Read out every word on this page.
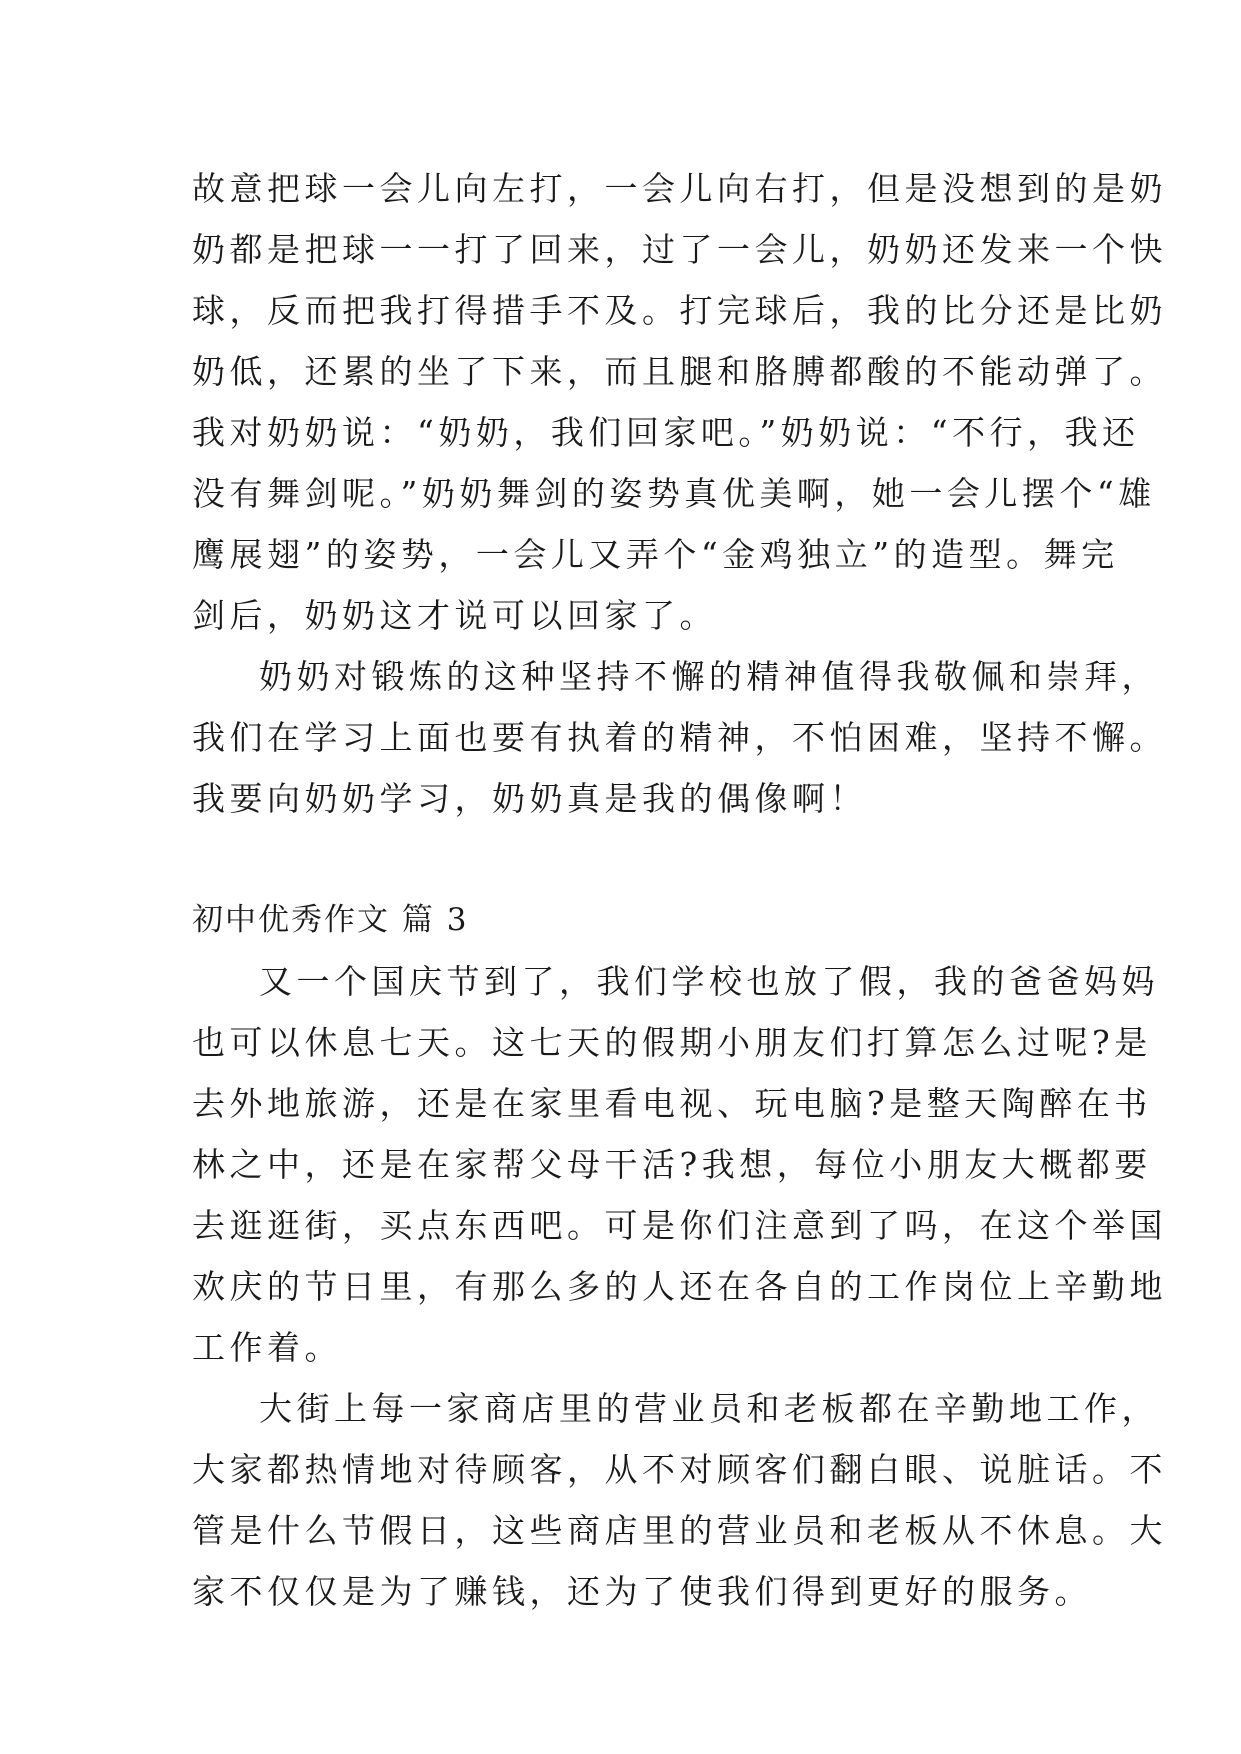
故意把球一会儿向左打，一会儿向右打，但是没想到的是奶
奶都是把球一一打了回来，过了一会儿，奶奶还发来一个快
球，反而把我打得措手不及。打完球后，我的比分还是比奶
奶低，还累的坐了下来，而且腿和胳膊都酸的不能动弹了。
我对奶奶说：“奶奶，我们回家吧。”奶奶说：“不行，我还
没有舞剑呢。”奶奶舞剑的姿势真优美啊，她一会儿摆个“雄
鹰展翅”的姿势，一会儿又弄个“金鸡独立”的造型。舞完
剑后，奶奶这才说可以回家了。
奶奶对锻炼的这种坚持不懈的精神值得我敬佩和崇拜，
我们在学习上面也要有执着的精神，不怕困难，坚持不懈。
我要向奶奶学习，奶奶真是我的偶像啊！
初中优秀作文 篇 3
又一个国庆节到了，我们学校也放了假，我的爸爸妈妈
也可以休息七天。这七天的假期小朋友们打算怎么过呢?是
去外地旅游，还是在家里看电视、玩电脑?是整天陶醉在书
林之中，还是在家帮父母干活?我想，每位小朋友大概都要
去逛逛街，买点东西吧。可是你们注意到了吗，在这个举国
欢庆的节日里，有那么多的人还在各自的工作岗位上辛勤地
工作着。
大街上每一家商店里的营业员和老板都在辛勤地工作，
大家都热情地对待顾客，从不对顾客们翻白眼、说脏话。不
管是什么节假日，这些商店里的营业员和老板从不休息。大
家不仅仅是为了赚钱，还为了使我们得到更好的服务。
